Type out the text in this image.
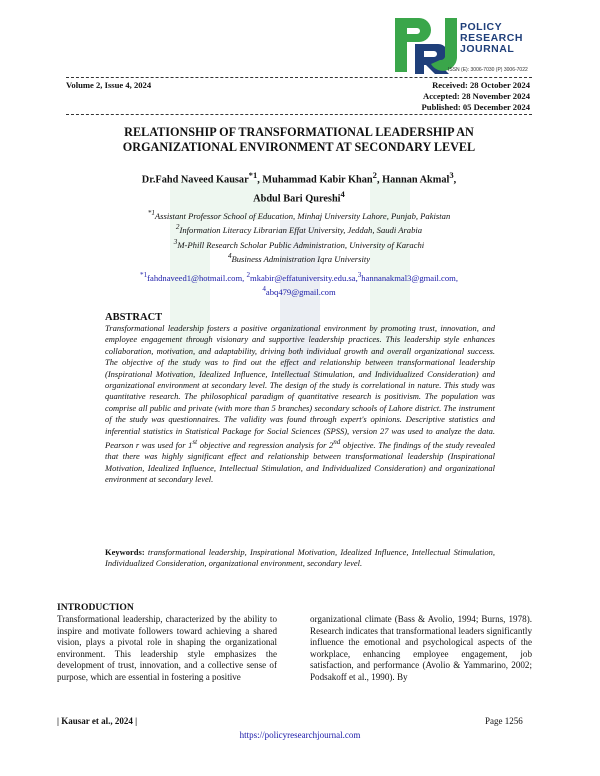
POLICY
RESEARCH
JOURNAL
ISSN (E): 3006-7030 (P) 3006-7022
Volume 2, Issue 4, 2024	Received: 28 October 2024
Accepted: 28 November 2024
Published: 05 December 2024
RELATIONSHIP OF TRANSFORMATIONAL LEADERSHIP AN
ORGANIZATIONAL ENVIRONMENT AT SECONDARY LEVEL
Dr.Fahd Naveed Kausar$^{*1}$, Muhammad Kabir Khan$^2$, Hannan Akmal$^3$,
Abdul Bari Qureshi$^4$
$^{*1}$Assistant Professor School of Education, Minhaj University Lahore, Punjab, Pakistan
$^2$Information Literacy Librarian Effat University, Jeddah, Saudi Arabia
$^3$M-Phill Research Scholar Public Administration, University of Karachi
$^4$Business Administration Iqra University
$^{*1}$fahdnaveed1@hotmail.com, $^2$mkabir@effatuniversity.edu.sa,$^3$hannanakmal3@gmail.com,
$^4$abq479@gmail.com
ABSTRACT
Transformational leadership fosters a positive organizational environment by promoting trust, innovation, and employee engagement through visionary and supportive leadership practices. This leadership style enhances collaboration, motivation, and adaptability, driving both individual growth and overall organizational success. The objective of the study was to find out the effect and relationship between transformational leadership (Inspirational Motivation, Idealized Influence, Intellectual Stimulation, and Individualized Consideration) and organizational environment at secondary level. The design of the study is correlational in nature. This study was quantitative research. The philosophical paradigm of quantitative research is positivism. The population was comprise all public and private (with more than 5 branches) secondary schools of Lahore district. The instrument of the study was questionnaires. The validity was found through expert's opinions. Descriptive statistics and inferential statistics in Statistical Package for Social Sciences (SPSS), version 27 was used to analyze the data. Pearson r was used for 1st objective and regression analysis for 2nd objective. The findings of the study revealed that there was highly significant effect and relationship between transformational leadership (Inspirational Motivation, Idealized Influence, Intellectual Stimulation, and Individualized Consideration) and organizational environment at secondary level.
Keywords: transformational leadership, Inspirational Motivation, Idealized Influence, Intellectual Stimulation, Individualized Consideration, organizational environment, secondary level.
INTRODUCTION
Transformational leadership, characterized by the ability to inspire and motivate followers toward achieving a shared vision, plays a pivotal role in shaping the organizational environment. This leadership style emphasizes the development of trust, innovation, and a collective sense of purpose, which are essential in fostering a positive
organizational climate (Bass & Avolio, 1994; Burns, 1978). Research indicates that transformational leaders significantly influence the emotional and psychological aspects of the workplace, enhancing employee engagement, job satisfaction, and performance (Avolio & Yammarino, 2002; Podsakoff et al., 1990). By
| Kausar et al., 2024 |	Page 1256
https://policyresearchjournal.com
